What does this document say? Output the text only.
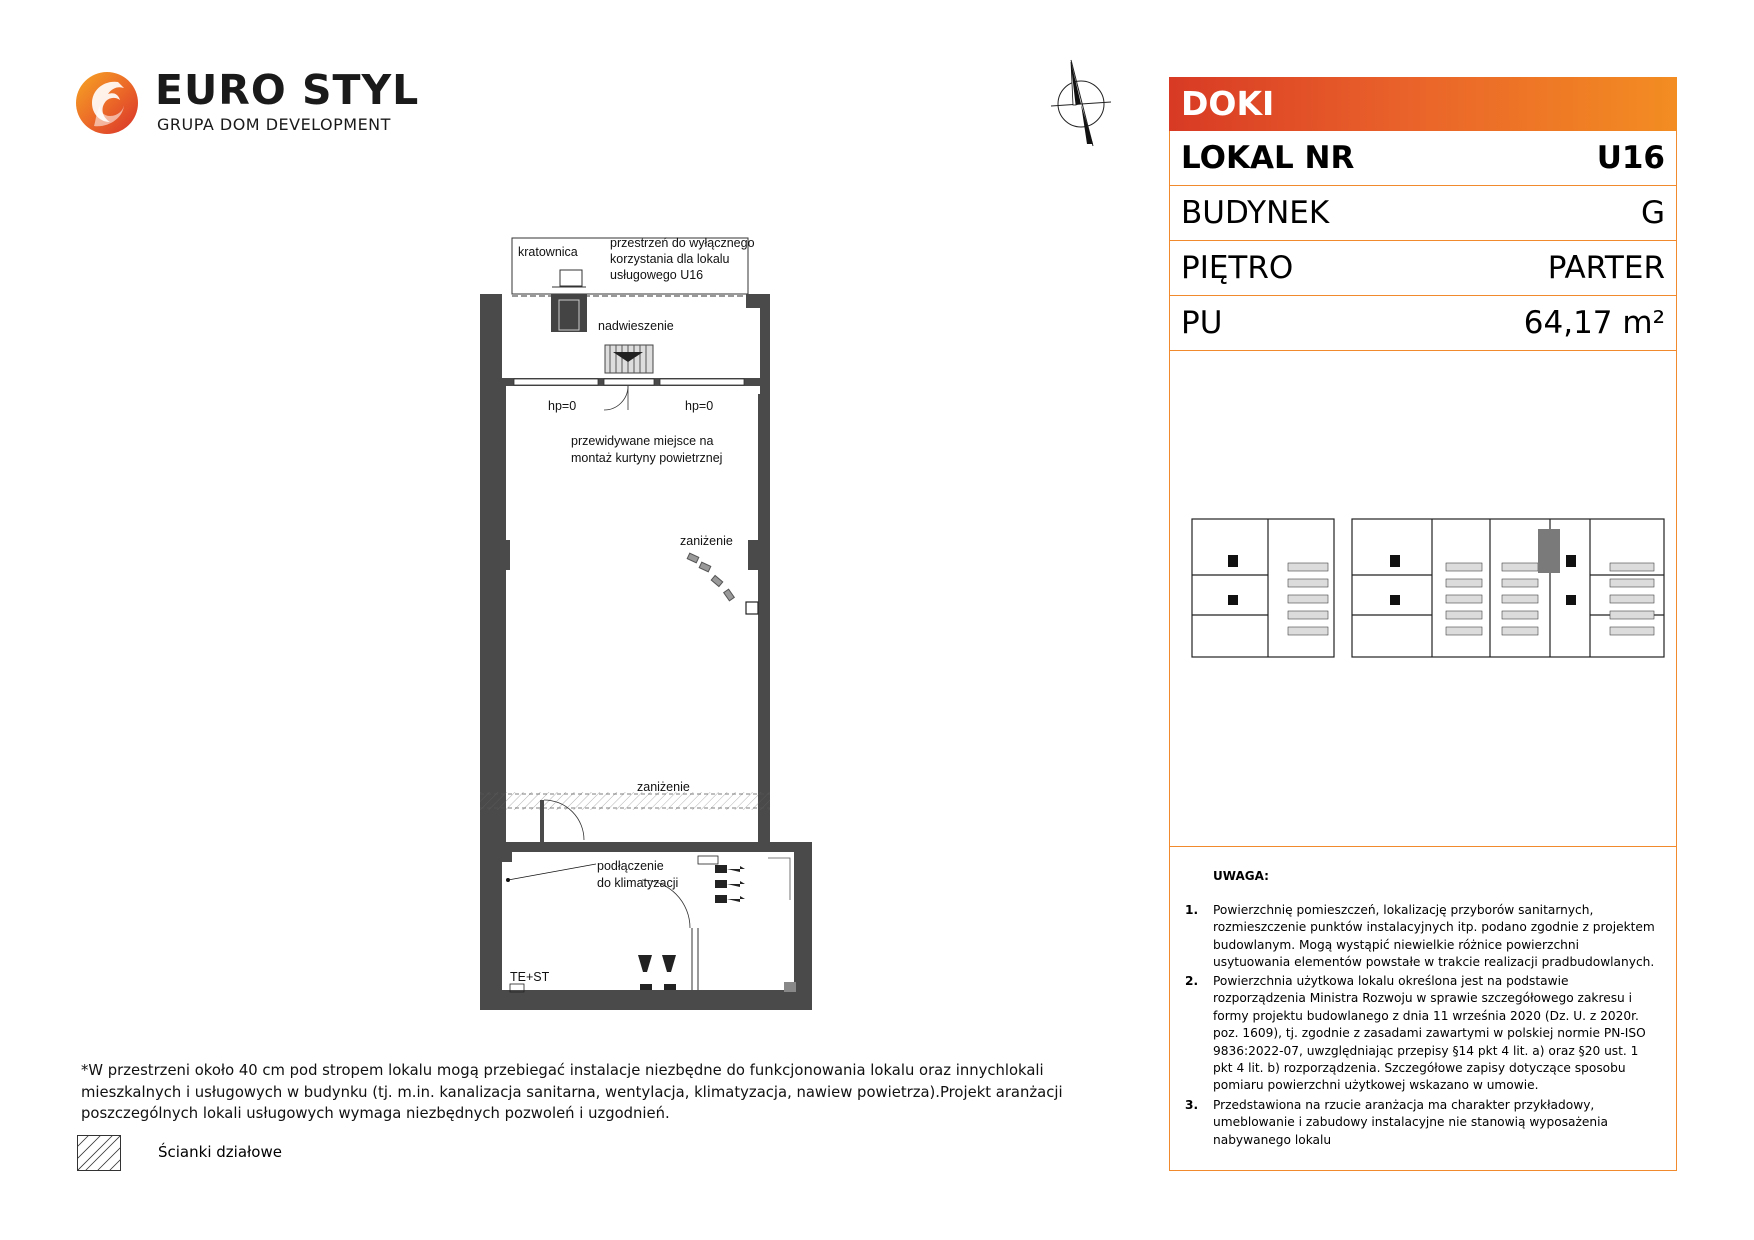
EURO STYL
GRUPA DOM DEVELOPMENT
DOKI
LOKAL NR	U16
BUDYNEK	G
PIĘTRO	PARTER
PU	64,17 m²
UWAGA:
1. Powierzchnię pomieszczeń, lokalizację przyborów sanitarnych, rozmieszczenie punktów instalacyjnych itp. podano zgodnie z projektem budowlanym. Mogą wystąpić niewielkie różnice powierzchni usytuowania elementów powstałe w trakcie realizacji pradbudowlanych.
2. Powierzchnia użytkowa lokalu określona jest na podstawie rozporządzenia Ministra Rozwoju w sprawie szczegółowego zakresu i formy projektu budowlanego z dnia 11 września 2020 (Dz. U. z 2020r. poz. 1609), tj. zgodnie z zasadami zawartymi w polskiej normie PN-ISO 9836:2022-07, uwzględniając przepisy §14 pkt 4 lit. a) oraz §20 ust. 1 pkt 4 lit. b) rozporządzenia. Szczegółowe zapisy dotyczące sposobu pomiaru powierzchni użytkowej wskazano w umowie.
3. Przedstawiona na rzucie aranżacja ma charakter przykładowy, umeblowanie i zabudowy instalacyjne nie stanowią wyposażenia nabywanego lokalu
kratownica
przestrzeń do wyłącznego
korzystania dla lokalu
usługowego U16
nadwieszenie
hp=0	hp=0
przewidywane miejsce na
montaż kurtyny powietrznej
zaniżenie
zaniżenie
podłączenie
do klimatyzacji
TE+ST
*W przestrzeni około 40 cm pod stropem lokalu mogą przebiegać instalacje niezbędne do funkcjonowania lokalu oraz innychlokali mieszkalnych i usługowych w budynku (tj. m.in. kanalizacja sanitarna, wentylacja, klimatyzacja, nawiew powietrza).Projekt aranżacji poszczególnych lokali usługowych wymaga niezbędnych pozwoleń i uzgodnień.
Ścianki działowe
